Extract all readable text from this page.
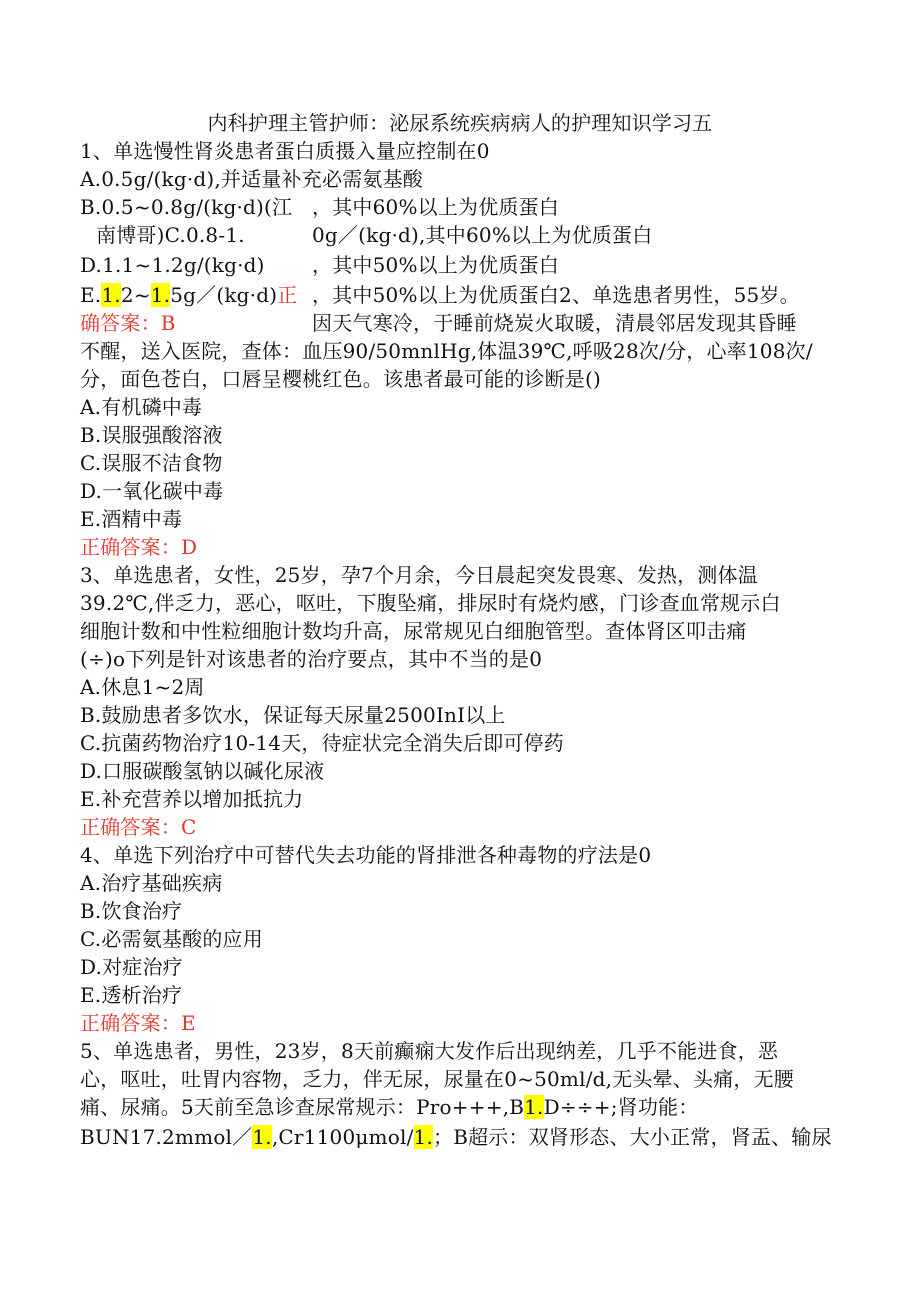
内科护理主管护师：泌尿系统疾病病人的护理知识学习五
1、单选慢性肾炎患者蛋白质摄入量应控制在0
A.0.5g/(kg·d),并适量补充必需氨基酸
B.0.5~0.8g/(kg·d)(江 ，其中60%以上为优质蛋白
南博哥)C.0.8-1.	0g／(kg·d),其中60%以上为优质蛋白
D.1.1~1.2g/(kg·d) ，其中50%以上为优质蛋白
E.1.2~1.5g／(kg·d)正 ，其中50%以上为优质蛋白2、单选患者男性，55岁。
确答案：B	因天气寒冷，于睡前烧炭火取暖，清晨邻居发现其昏睡
不醒，送入医院，查体：血压90/50mnlHg,体温39℃,呼吸28次/分，心率108次/
分，面色苍白，口唇呈樱桃红色。该患者最可能的诊断是()
A.有机磷中毒
B.误服强酸溶液
C.误服不洁食物
D.一氧化碳中毒
E.酒精中毒
正确答案：D
3、单选患者，女性，25岁，孕7个月余，今日晨起突发畏寒、发热，测体温
39.2℃,伴乏力，恶心，呕吐，下腹坠痛，排尿时有烧灼感，门诊查血常规示白
细胞计数和中性粒细胞计数均升高，尿常规见白细胞管型。查体肾区叩击痛
(÷)o下列是针对该患者的治疗要点，其中不当的是0
A.休息1~2周
B.鼓励患者多饮水，保证每天尿量2500InI以上
C.抗菌药物治疗10-14天，待症状完全消失后即可停药
D.口服碳酸氢钠以碱化尿液
E.补充营养以增加抵抗力
正确答案：C
4、单选下列治疗中可替代失去功能的肾排泄各种毒物的疗法是0
A.治疗基础疾病
B.饮食治疗
C.必需氨基酸的应用
D.对症治疗
E.透析治疗
正确答案：E
5、单选患者，男性，23岁，8天前癫痫大发作后出现纳差，几乎不能进食，恶
心，呕吐，吐胃内容物，乏力，伴无尿，尿量在0~50ml/d,无头晕、头痛，无腰
痛、尿痛。5天前至急诊查尿常规示：Pro+++,B1.D÷÷+;肾功能：
BUN17.2mmol／1.,Cr1100μmol/1.；B超示：双肾形态、大小正常，肾盂、输尿
